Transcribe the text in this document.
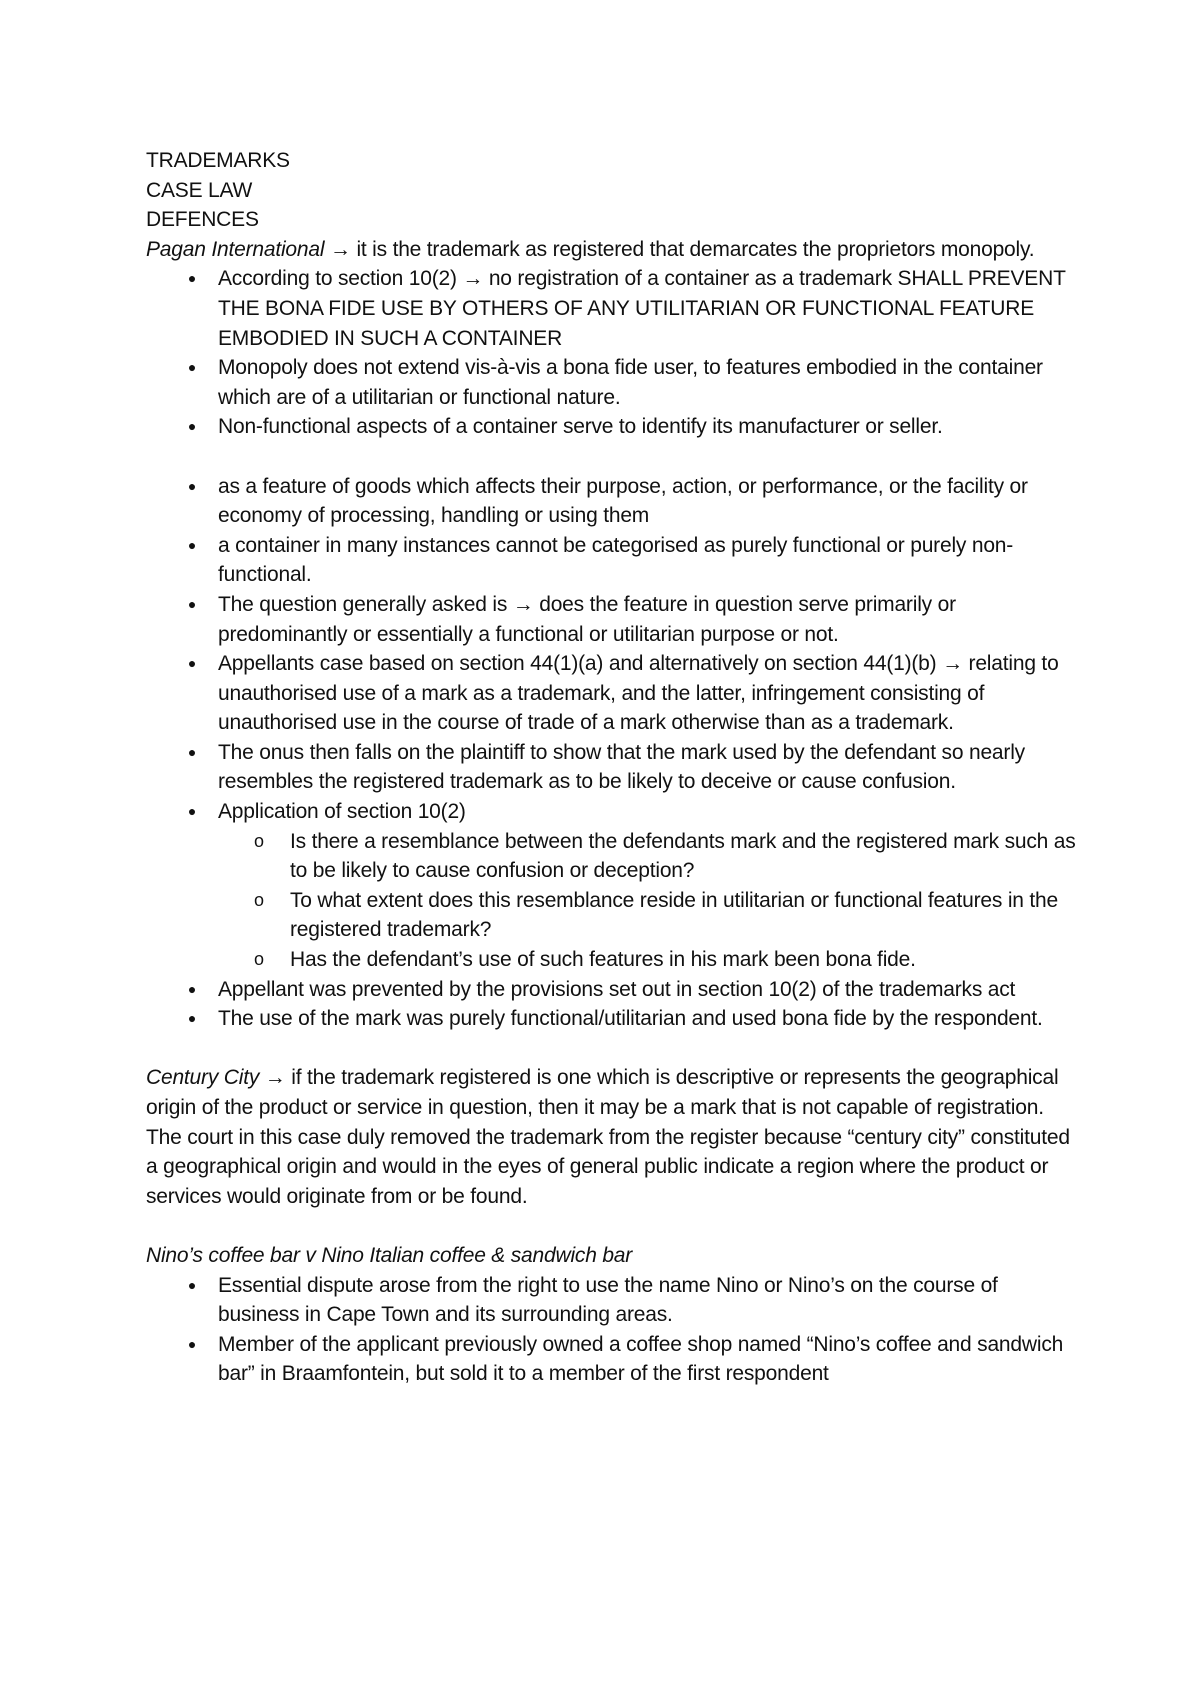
TRADEMARKS

CASE LAW

DEFENCES

Pagan International → it is the trademark as registered that demarcates the proprietors monopoly.

● According to section 10(2) → no registration of a container as a trademark SHALL PREVENT THE BONA FIDE USE BY OTHERS OF ANY UTILITARIAN OR FUNCTIONAL FEATURE EMBODIED IN SUCH A CONTAINER
● Monopoly does not extend vis-à-vis a bona fide user, to features embodied in the container which are of a utilitarian or functional nature.
● Non-functional aspects of a container serve to identify its manufacturer or seller.
● as a feature of goods which affects their purpose, action, or performance, or the facility or economy of processing, handling or using them
● a container in many instances cannot be categorised as purely functional or purely non-functional.
● The question generally asked is → does the feature in question serve primarily or predominantly or essentially a functional or utilitarian purpose or not.
● Appellants case based on section 44(1)(a) and alternatively on section 44(1)(b) → relating to unauthorised use of a mark as a trademark, and the latter, infringement consisting of unauthorised use in the course of trade of a mark otherwise than as a trademark.
● The onus then falls on the plaintiff to show that the mark used by the defendant so nearly resembles the registered trademark as to be likely to deceive or cause confusion.
● Application of section 10(2)
o Is there a resemblance between the defendants mark and the registered mark such as to be likely to cause confusion or deception?
o To what extent does this resemblance reside in utilitarian or functional features in the registered trademark?
o Has the defendant’s use of such features in his mark been bona fide.
● Appellant was prevented by the provisions set out in section 10(2) of the trademarks act
● The use of the mark was purely functional/utilitarian and used bona fide by the respondent.

Century City → if the trademark registered is one which is descriptive or represents the geographical origin of the product or service in question, then it may be a mark that is not capable of registration. The court in this case duly removed the trademark from the register because “century city” constituted a geographical origin and would in the eyes of general public indicate a region where the product or services would originate from or be found.

Nino’s coffee bar v Nino Italian coffee & sandwich bar

● Essential dispute arose from the right to use the name Nino or Nino’s on the course of business in Cape Town and its surrounding areas.
● Member of the applicant previously owned a coffee shop named “Nino’s coffee and sandwich bar” in Braamfontein, but sold it to a member of the first respondent
